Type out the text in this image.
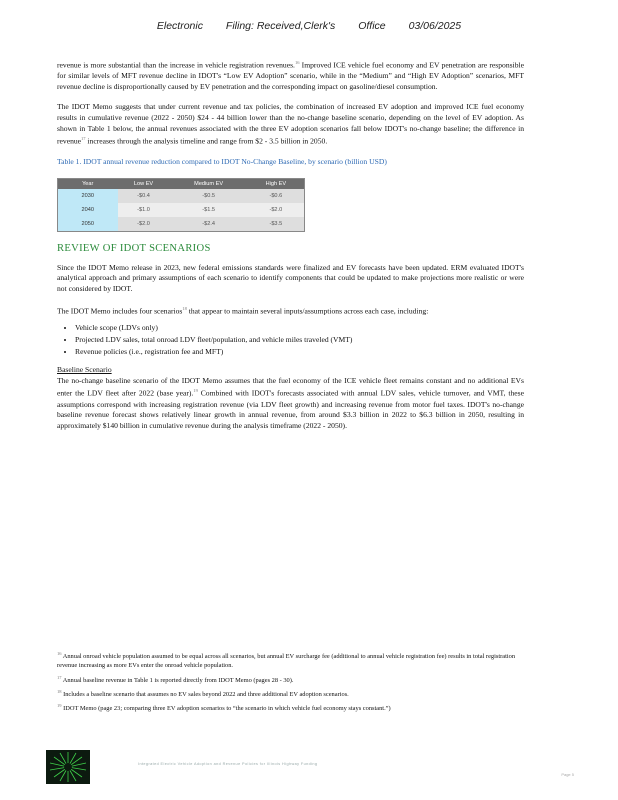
Electronic Filing: Received,Clerk's Office 03/06/2025

revenue is more substantial than the increase in vehicle registration revenues.$^{16}$ Improved ICE vehicle fuel economy and EV penetration are responsible for similar levels of MFT revenue decline in IDOT's “Low EV Adoption” scenario, while in the “Medium” and “High EV Adoption” scenarios, MFT revenue decline is disproportionally caused by EV penetration and the corresponding impact on gasoline/diesel consumption.

The IDOT Memo suggests that under current revenue and tax policies, the combination of increased EV adoption and improved ICE fuel economy results in cumulative revenue (2022 - 2050) $24 - 44 billion lower than the no-change baseline scenario, depending on the level of EV adoption. As shown in Table 1 below, the annual revenues associated with the three EV adoption scenarios fall below IDOT's no-change baseline; the difference in revenue$^{17}$ increases through the analysis timeline and range from $2 - 3.5 billion in 2050.

Table 1. IDOT annual revenue reduction compared to IDOT No-Change Baseline, by scenario (billion USD)

Year	Low EV	Medium EV	High EV
2030	-$0.4	-$0.5	-$0.6
2040	-$1.0	-$1.5	-$2.0
2050	-$2.0	-$2.4	-$3.5
REVIEW OF IDOT SCENARIOS

Since the IDOT Memo release in 2023, new federal emissions standards were finalized and EV forecasts have been updated. ERM evaluated IDOT's analytical approach and primary assumptions of each scenario to identify components that could be updated to make projections more realistic or were not considered by IDOT.

The IDOT Memo includes four scenarios$^{18}$ that appear to maintain several inputs/assumptions across each case, including:

• Vehicle scope (LDVs only)
• Projected LDV sales, total onroad LDV fleet/population, and vehicle miles traveled (VMT)
• Revenue policies (i.e., registration fee and MFT)

Baseline Scenario

The no-change baseline scenario of the IDOT Memo assumes that the fuel economy of the ICE vehicle fleet remains constant and no additional EVs enter the LDV fleet after 2022 (base year).$^{19}$ Combined with IDOT's forecasts associated with annual LDV sales, vehicle turnover, and VMT, these assumptions correspond with increasing registration revenue (via LDV fleet growth) and increasing revenue from motor fuel taxes. IDOT's no-change baseline revenue forecast shows relatively linear growth in annual revenue, from around $3.3 billion in 2022 to $6.3 billion in 2050, resulting in approximately $140 billion in cumulative revenue during the analysis timeframe (2022 - 2050).

$^{16}$ Annual onroad vehicle population assumed to be equal across all scenarios, but annual EV surcharge fee (additional to annual vehicle registration fee) results in total registration revenue increasing as more EVs enter the onroad vehicle population.

$^{17}$ Annual baseline revenue in Table 1 is reported directly from IDOT Memo (pages 28 - 30).

$^{18}$ Includes a baseline scenario that assumes no EV sales beyond 2022 and three additional EV adoption scenarios.

$^{19}$ IDOT Memo (page 23; comparing three EV adoption scenarios to “the scenario in which vehicle fuel economy stays constant.”)

Integrated Electric Vehicle Adoption and Revenue Policies for Illinois Highway Funding
Page 5
